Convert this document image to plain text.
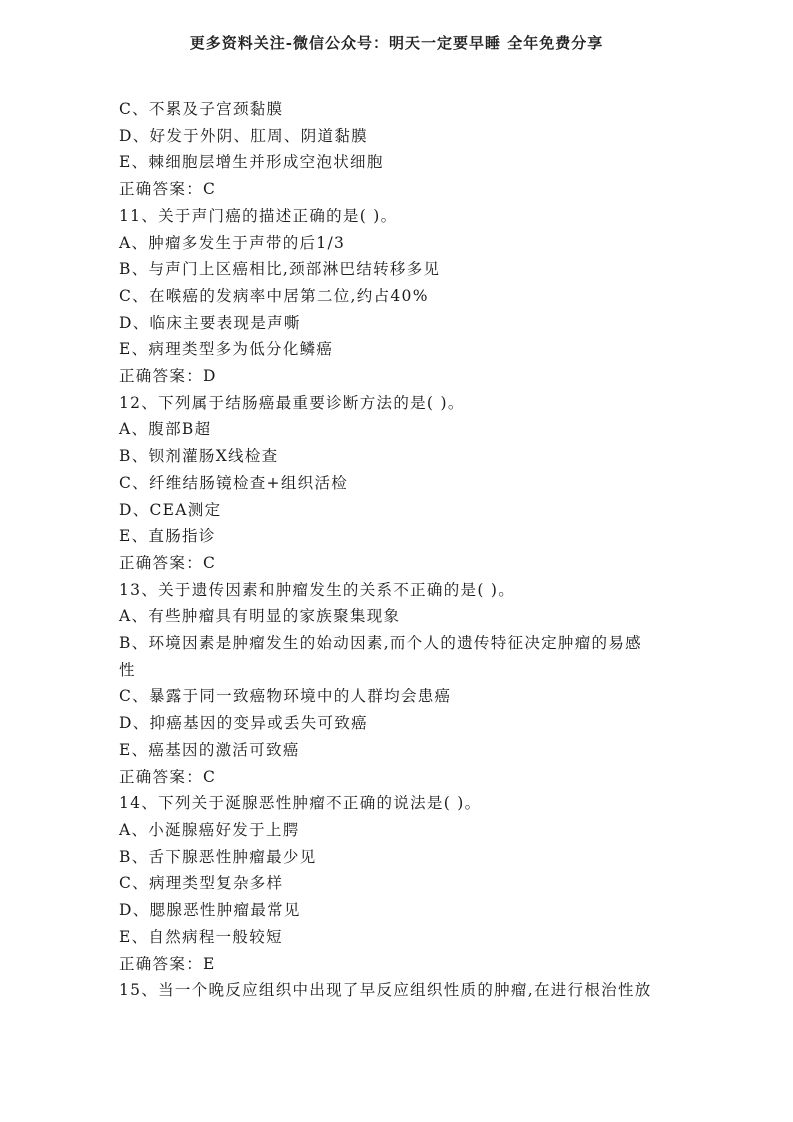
更多资料关注-微信公众号：明天一定要早睡 全年免费分享
C、不累及子宫颈黏膜
D、好发于外阴、肛周、阴道黏膜
E、棘细胞层增生并形成空泡状细胞
正确答案：C
11、关于声门癌的描述正确的是( )。
A、肿瘤多发生于声带的后1/3
B、与声门上区癌相比,颈部淋巴结转移多见
C、在喉癌的发病率中居第二位,约占40%
D、临床主要表现是声嘶
E、病理类型多为低分化鳞癌
正确答案：D
12、下列属于结肠癌最重要诊断方法的是( )。
A、腹部B超
B、钡剂灌肠X线检查
C、纤维结肠镜检查+组织活检
D、CEA测定
E、直肠指诊
正确答案：C
13、关于遗传因素和肿瘤发生的关系不正确的是( )。
A、有些肿瘤具有明显的家族聚集现象
B、环境因素是肿瘤发生的始动因素,而个人的遗传特征决定肿瘤的易感
性
C、暴露于同一致癌物环境中的人群均会患癌
D、抑癌基因的变异或丢失可致癌
E、癌基因的激活可致癌
正确答案：C
14、下列关于涎腺恶性肿瘤不正确的说法是( )。
A、小涎腺癌好发于上腭
B、舌下腺恶性肿瘤最少见
C、病理类型复杂多样
D、腮腺恶性肿瘤最常见
E、自然病程一般较短
正确答案：E
15、当一个晚反应组织中出现了早反应组织性质的肿瘤,在进行根治性放
